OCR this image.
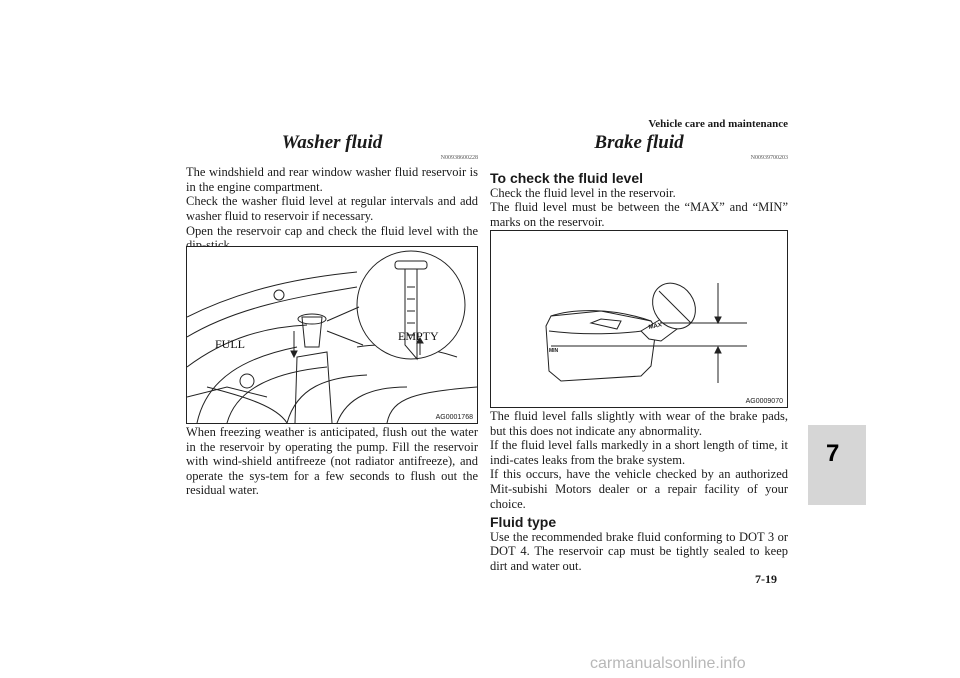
Vehicle care and maintenance
7
Washer fluid
N00938600228

The windshield and rear window washer fluid reservoir is in the engine compartment.

Check the washer fluid level at regular intervals and add washer fluid to reservoir if necessary.

Open the reservoir cap and check the fluid level with the

FULL
EMPTY
AG0001768

When freezing weather is anticipated, flush out the water in the reservoir by operating the pump. Fill the reservoir with wind-shield antifreeze (not radiator antifreeze), and operate the sys-tem for a few seconds to flush out the residual water.

Brake fluid
N00939700203
To check the fluid level

Check the fluid level in the reservoir.

The fluid level must be between the “MAX” and “MIN” marks on the reservoir.

MAX
MIN
AG0009070

The fluid level falls slightly with wear of the brake pads, but this does not indicate any abnormality.

If the fluid level falls markedly in a short length of time, it indi-cates leaks from the brake system.

If this occurs, have the vehicle checked by an authorized Mit-subishi Motors dealer or a repair facility of your choice.

Fluid type

Use the recommended brake fluid conforming to DOT 3 or DOT 4. The reservoir cap must be tightly sealed to keep dirt and water out.

7-19
carmanualsonline.info
